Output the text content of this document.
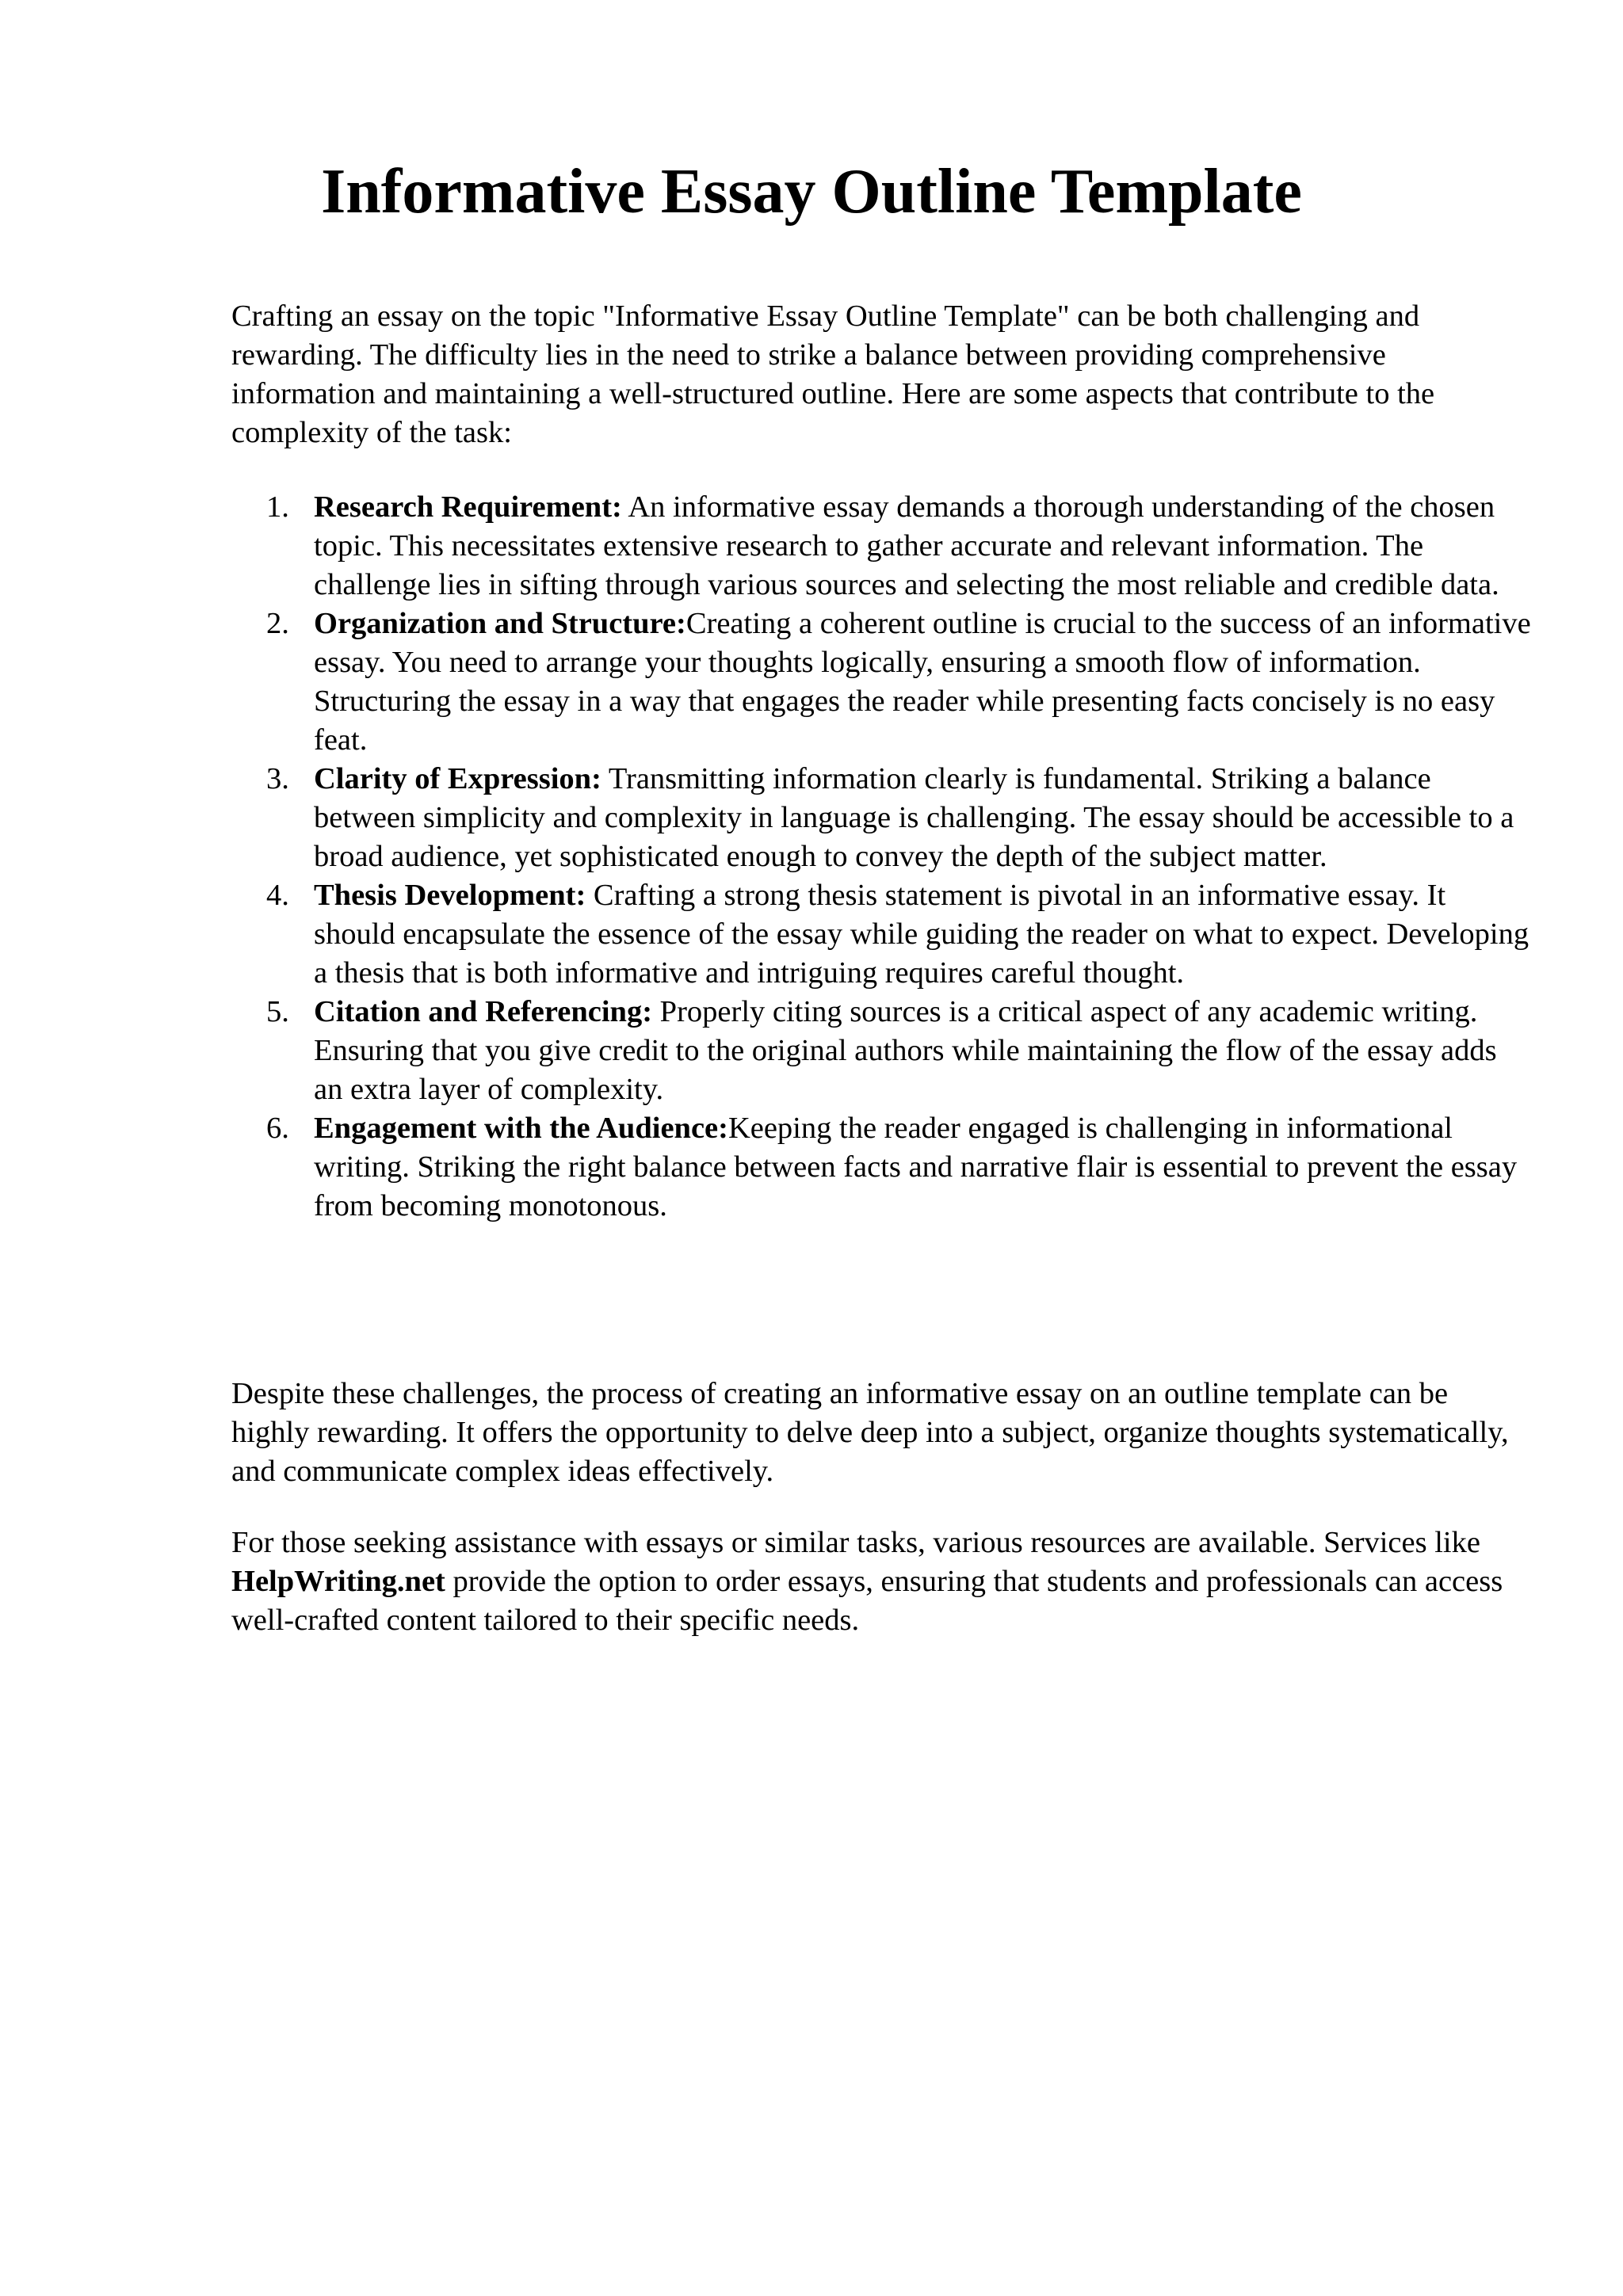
Informative Essay Outline Template

Crafting an essay on the topic "Informative Essay Outline Template" can be both challenging and rewarding. The difficulty lies in the need to strike a balance between providing comprehensive information and maintaining a well-structured outline. Here are some aspects that contribute to the complexity of the task:

1. Research Requirement: An informative essay demands a thorough understanding of the chosen topic. This necessitates extensive research to gather accurate and relevant information. The challenge lies in sifting through various sources and selecting the most reliable and credible data.
2. Organization and Structure:Creating a coherent outline is crucial to the success of an informative essay. You need to arrange your thoughts logically, ensuring a smooth flow of information. Structuring the essay in a way that engages the reader while presenting facts concisely is no easy feat.
3. Clarity of Expression: Transmitting information clearly is fundamental. Striking a balance between simplicity and complexity in language is challenging. The essay should be accessible to a broad audience, yet sophisticated enough to convey the depth of the subject matter.
4. Thesis Development: Crafting a strong thesis statement is pivotal in an informative essay. It should encapsulate the essence of the essay while guiding the reader on what to expect. Developing a thesis that is both informative and intriguing requires careful thought.
5. Citation and Referencing: Properly citing sources is a critical aspect of any academic writing. Ensuring that you give credit to the original authors while maintaining the flow of the essay adds an extra layer of complexity.
6. Engagement with the Audience:Keeping the reader engaged is challenging in informational writing. Striking the right balance between facts and narrative flair is essential to prevent the essay from becoming monotonous.

Despite these challenges, the process of creating an informative essay on an outline template can be highly rewarding. It offers the opportunity to delve deep into a subject, organize thoughts systematically, and communicate complex ideas effectively.

For those seeking assistance with essays or similar tasks, various resources are available. Services like HelpWriting.net provide the option to order essays, ensuring that students and professionals can access well-crafted content tailored to their specific needs.
